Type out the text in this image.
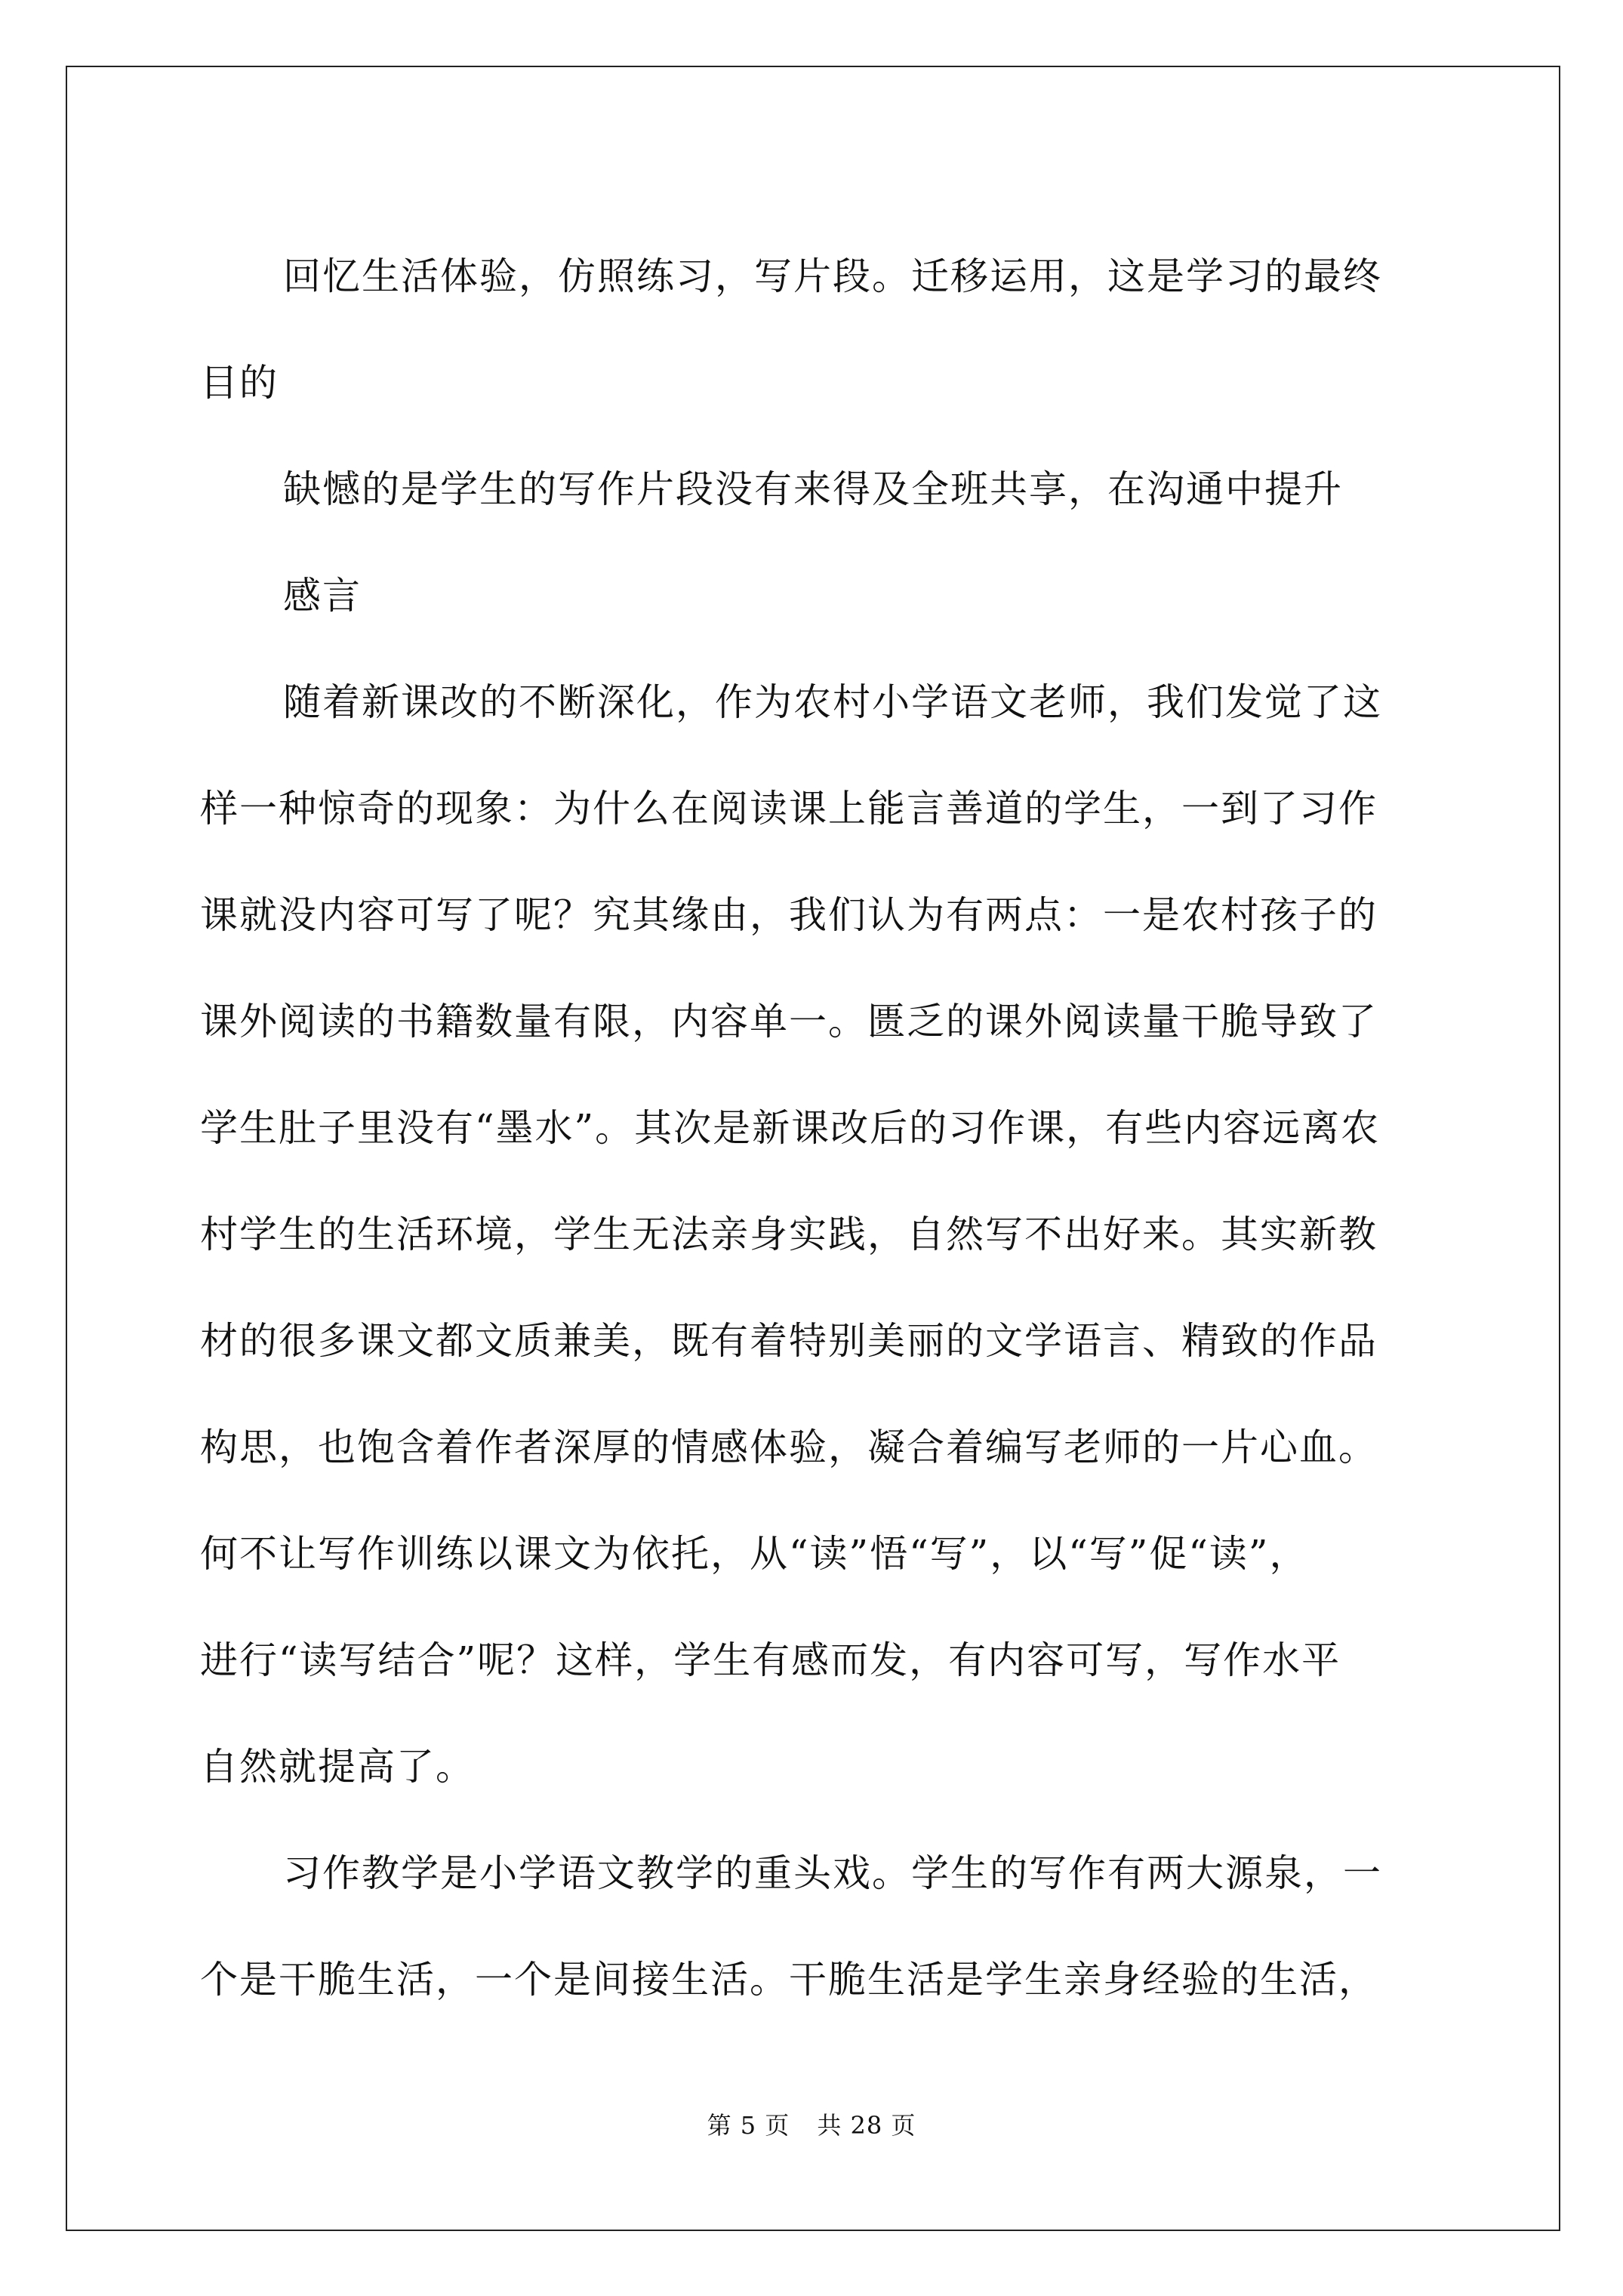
回忆生活体验，仿照练习，写片段。迁移运用，这是学习的最终
目的
缺憾的是学生的写作片段没有来得及全班共享，在沟通中提升
感言
随着新课改的不断深化，作为农村小学语文老师，我们发觉了这
样一种惊奇的现象：为什么在阅读课上能言善道的学生，一到了习作
课就没内容可写了呢？究其缘由，我们认为有两点：一是农村孩子的
课外阅读的书籍数量有限，内容单一。匮乏的课外阅读量干脆导致了
学生肚子里没有“墨水”。其次是新课改后的习作课，有些内容远离农
村学生的生活环境，学生无法亲身实践，自然写不出好来。其实新教
材的很多课文都文质兼美，既有着特别美丽的文学语言、精致的作品
构思，也饱含着作者深厚的情感体验，凝合着编写老师的一片心血。
何不让写作训练以课文为依托，从“读”悟“写”，以“写”促“读”，
进行“读写结合”呢？这样，学生有感而发，有内容可写，写作水平
自然就提高了。
习作教学是小学语文教学的重头戏。学生的写作有两大源泉，一
个是干脆生活，一个是间接生活。干脆生活是学生亲身经验的生活，

第 5 页 共 28 页
